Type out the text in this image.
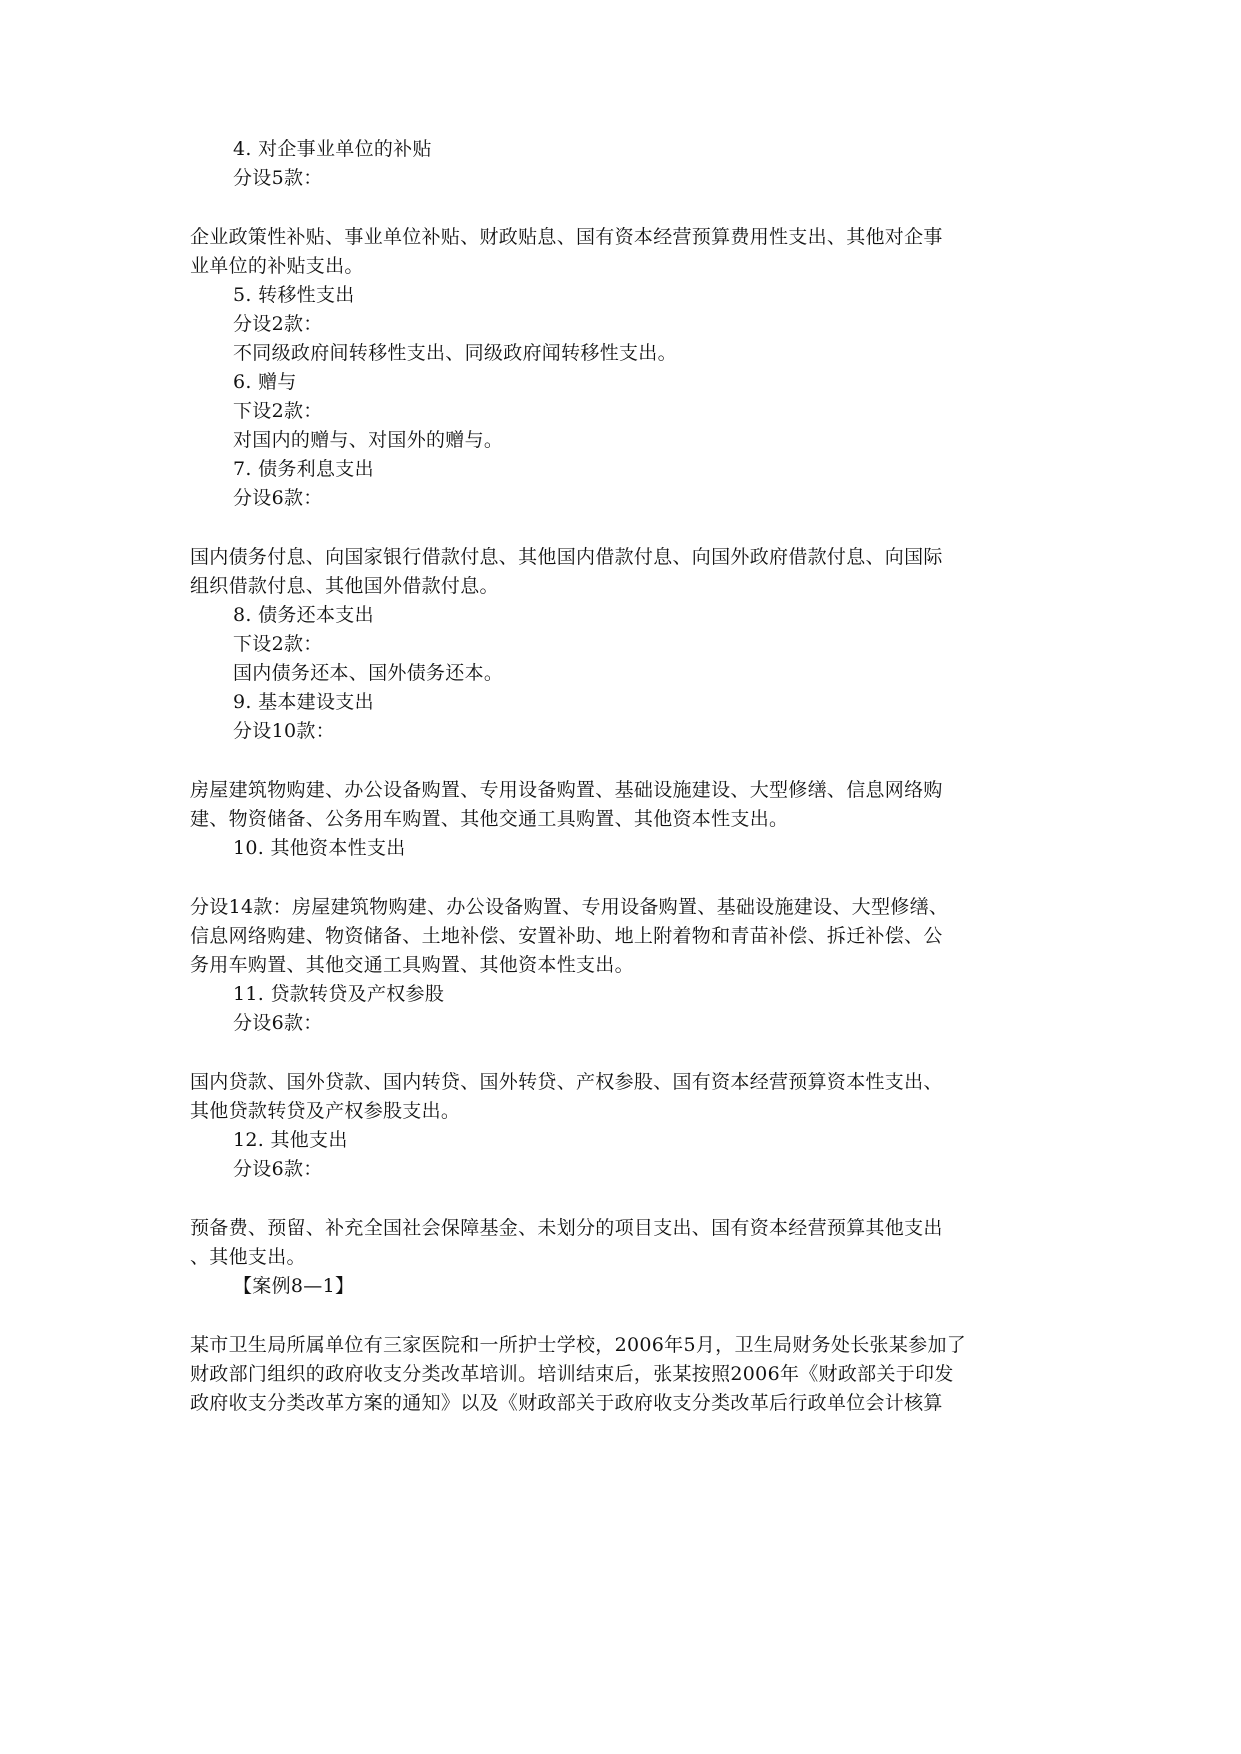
4. 对企事业单位的补贴
分设5款：
企业政策性补贴、事业单位补贴、财政贴息、国有资本经营预算费用性支出、其他对企事
业单位的补贴支出。
5. 转移性支出
分设2款：
不同级政府间转移性支出、同级政府闻转移性支出。
6. 赠与
下设2款：
对国内的赠与、对国外的赠与。
7. 债务利息支出
分设6款：
国内债务付息、向国家银行借款付息、其他国内借款付息、向国外政府借款付息、向国际
组织借款付息、其他国外借款付息。
8. 债务还本支出
下设2款：
国内债务还本、国外债务还本。
9. 基本建设支出
分设10款：
房屋建筑物购建、办公设备购置、专用设备购置、基础设施建设、大型修缮、信息网络购
建、物资储备、公务用车购置、其他交通工具购置、其他资本性支出。
10. 其他资本性支出
分设14款：房屋建筑物购建、办公设备购置、专用设备购置、基础设施建设、大型修缮、
信息网络购建、物资储备、土地补偿、安置补助、地上附着物和青苗补偿、拆迁补偿、公
务用车购置、其他交通工具购置、其他资本性支出。
11. 贷款转贷及产权参股
分设6款：
国内贷款、国外贷款、国内转贷、国外转贷、产权参股、国有资本经营预算资本性支出、
其他贷款转贷及产权参股支出。
12. 其他支出
分设6款：
预备费、预留、补充全国社会保障基金、未划分的项目支出、国有资本经营预算其他支出
、其他支出。
【案例8—1】
某市卫生局所属单位有三家医院和一所护士学校，2006年5月，卫生局财务处长张某参加了
财政部门组织的政府收支分类改革培训。培训结束后，张某按照2006年《财政部关于印发
政府收支分类改革方案的通知》以及《财政部关于政府收支分类改革后行政单位会计核算
